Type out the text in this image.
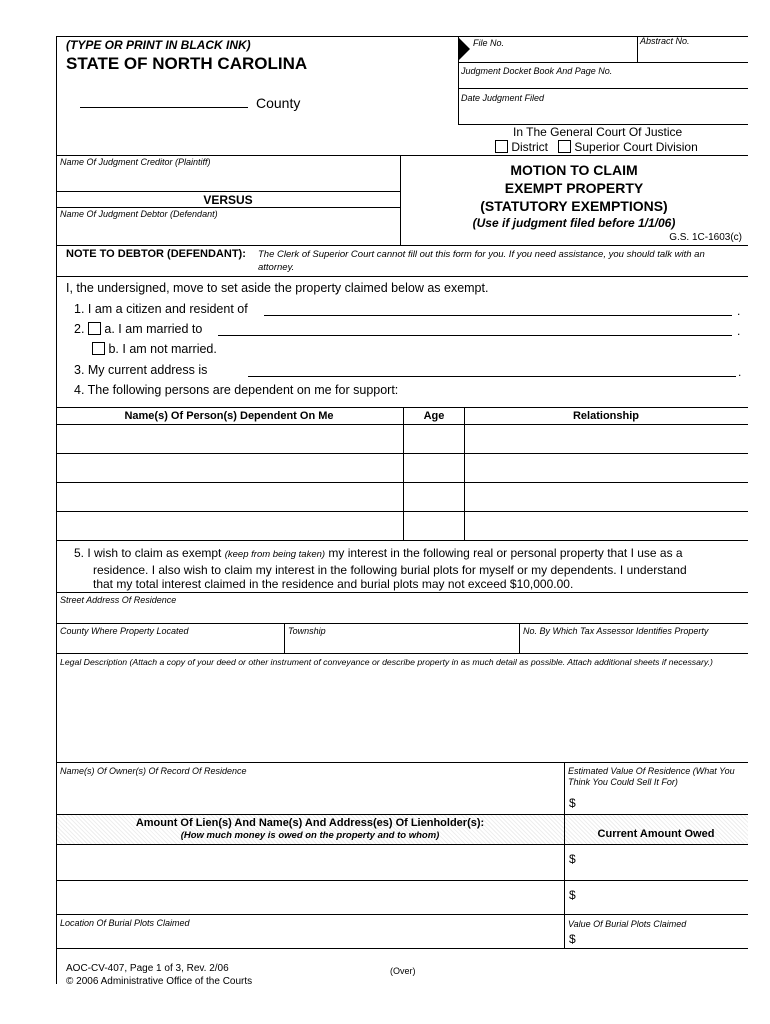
(TYPE OR PRINT IN BLACK INK)
STATE OF NORTH CAROLINA
County
File No.	Abstract No.
Judgment Docket Book And Page No.
Date Judgment Filed
In The General Court Of Justice
District Superior Court Division
Name Of Judgment Creditor (Plaintiff)
VERSUS
Name Of Judgment Debtor (Defendant)
MOTION TO CLAIM
EXEMPT PROPERTY
(STATUTORY EXEMPTIONS)
(Use if judgment filed before 1/1/06)
G.S. 1C-1603(c)
NOTE TO DEBTOR (DEFENDANT): The Clerk of Superior Court cannot fill out this form for you. If you need assistance, you should talk with an
attorney.
I, the undersigned, move to set aside the property claimed below as exempt.
1. I am a citizen and resident of	.
2. a. I am married to	.
b. I am not married.
3. My current address is	.
4. The following persons are dependent on me for support:
Name(s) Of Person(s) Dependent On Me	Age	Relationship
5. I wish to claim as exempt (keep from being taken) my interest in the following real or personal property that I use as a
residence. I also wish to claim my interest in the following burial plots for myself or my dependents. I understand
that my total interest claimed in the residence and burial plots may not exceed $10,000.00.
Street Address Of Residence
County Where Property Located	Township	No. By Which Tax Assessor Identifies Property
Legal Description (Attach a copy of your deed or other instrument of conveyance or describe property in as much detail as possible. Attach additional sheets if necessary.)
Name(s) Of Owner(s) Of Record Of Residence	Estimated Value Of Residence (What You
Think You Could Sell It For)
$
Amount Of Lien(s) And Name(s) And Address(es) Of Lienholder(s):
(How much money is owed on the property and to whom)	Current Amount Owed
$
$
Location Of Burial Plots Claimed	Value Of Burial Plots Claimed
$
AOC-CV-407, Page 1 of 3, Rev. 2/06
© 2006 Administrative Office of the Courts
(Over)
